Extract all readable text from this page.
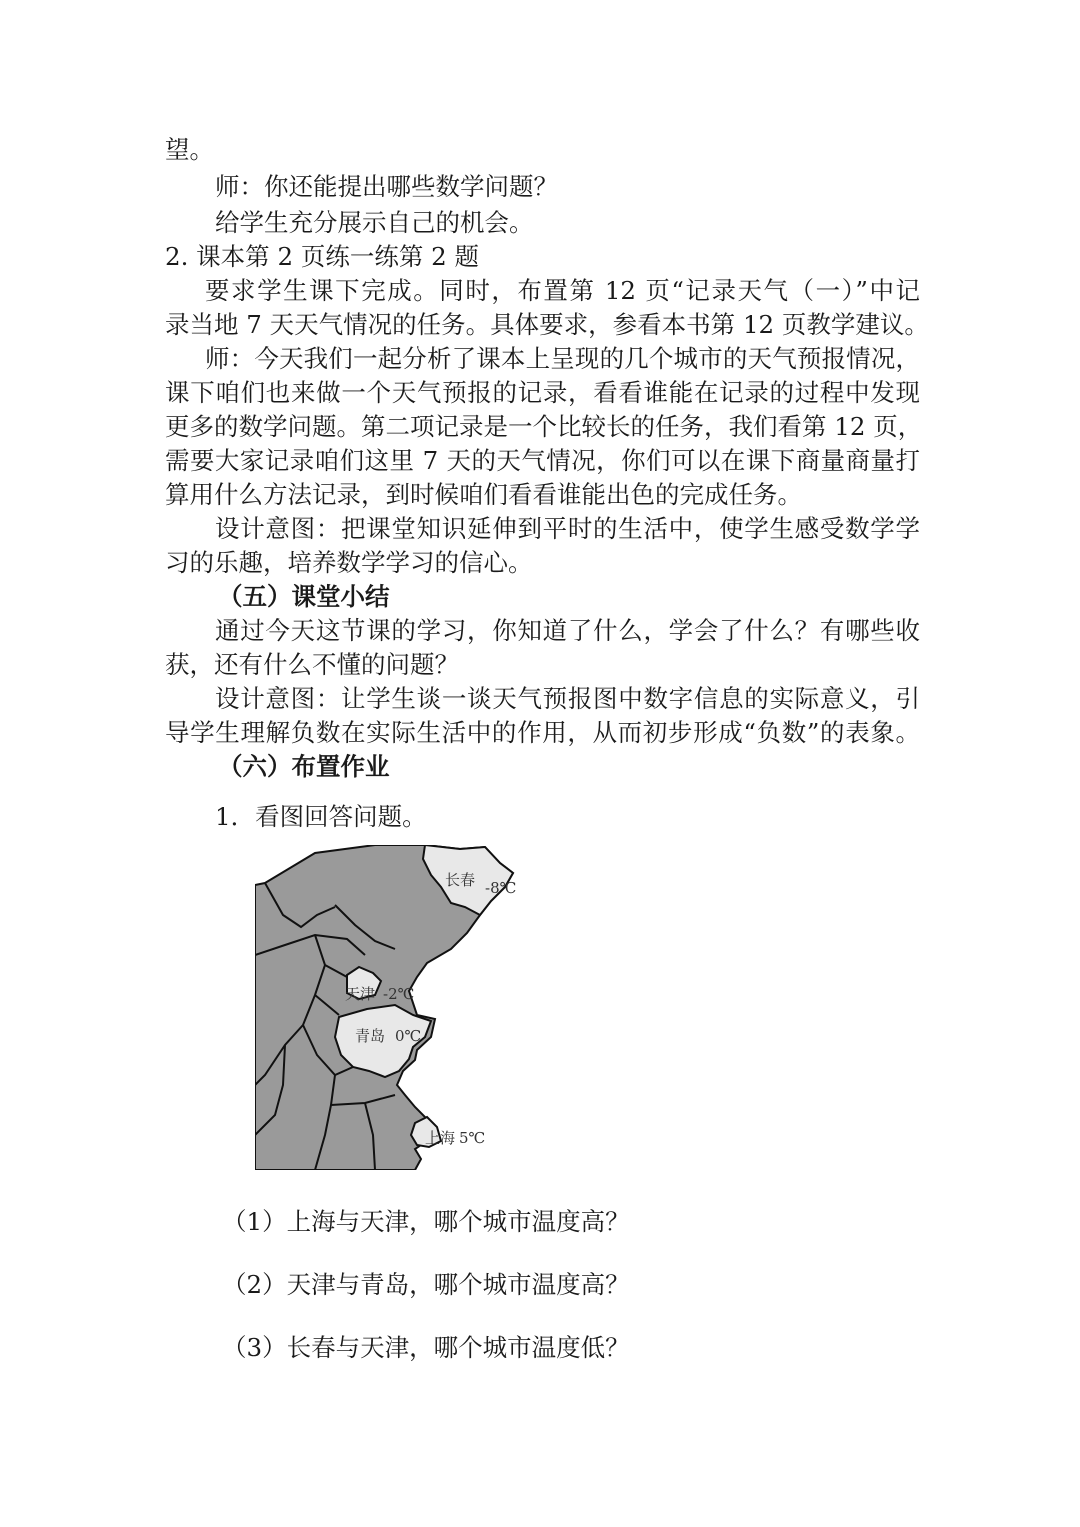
望。
师：你还能提出哪些数学问题？
给学生充分展示自己的机会。
2. 课本第 2 页练一练第 2 题
要求学生课下完成。同时，布置第 12 页“记录天气（一）”中记
录当地 7 天天气情况的任务。具体要求，参看本书第 12 页教学建议。
师：今天我们一起分析了课本上呈现的几个城市的天气预报情况，
课下咱们也来做一个天气预报的记录，看看谁能在记录的过程中发现
更多的数学问题。第二项记录是一个比较长的任务，我们看第 12 页，
需要大家记录咱们这里 7 天的天气情况，你们可以在课下商量商量打
算用什么方法记录，到时候咱们看看谁能出色的完成任务。
设计意图：把课堂知识延伸到平时的生活中，使学生感受数学学
习的乐趣，培养数学学习的信心。
（五）课堂小结
通过今天这节课的学习，你知道了什么，学会了什么？有哪些收
获，还有什么不懂的问题？
设计意图：让学生谈一谈天气预报图中数字信息的实际意义，引
导学生理解负数在实际生活中的作用，从而初步形成“负数”的表象。
（六）布置作业
1．看图回答问题。
长春 -8℃
天津 -2℃
青岛 0℃
上海 5℃
（1）上海与天津，哪个城市温度高？
（2）天津与青岛，哪个城市温度高？
（3）长春与天津，哪个城市温度低？
